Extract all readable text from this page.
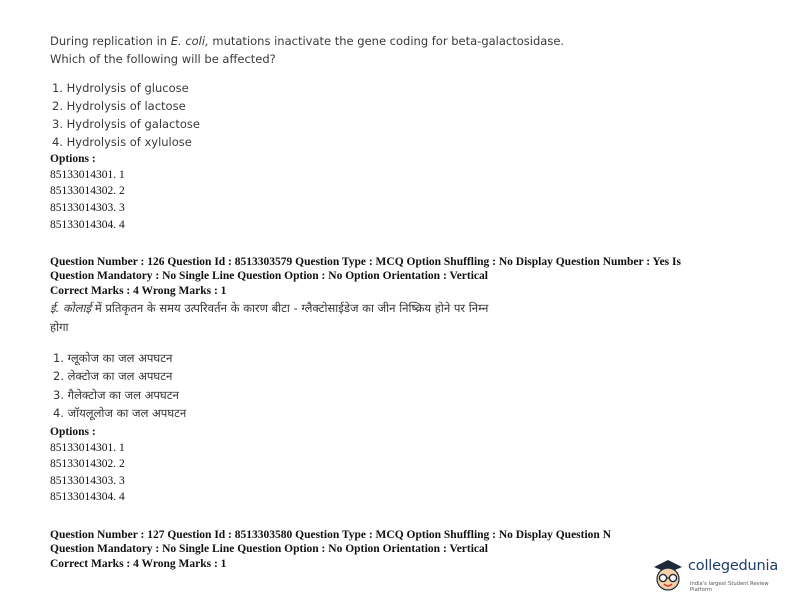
During replication in E. coli, mutations inactivate the gene coding for beta-galactosidase.
Which of the following will be affected?
1. Hydrolysis of glucose
2. Hydrolysis of lactose
3. Hydrolysis of galactose
4. Hydrolysis of xylulose
Options :
85133014301. 1
85133014302. 2
85133014303. 3
85133014304. 4
Question Number : 126 Question Id : 8513303579 Question Type : MCQ Option Shuffling : No Display Question Number : Yes Is
Question Mandatory : No Single Line Question Option : No Option Orientation : Vertical
Correct Marks : 4 Wrong Marks : 1
ई. कोलाई में प्रतिकृतन के समय उत्परिवर्तन के कारण बीटा - ग्लैक्टोसाईडेज का जीन निष्क्रिय होने पर निम्न
होगा
1. ग्लूकोज का जल अपघटन
2. लेक्टोज का जल अपघटन
3. गैलेक्टोज का जल अपघटन
4. जॉयलूलोज का जल अपघटन
Options :
85133014301. 1
85133014302. 2
85133014303. 3
85133014304. 4
Question Number : 127 Question Id : 8513303580 Question Type : MCQ Option Shuffling : No Display Question N
Question Mandatory : No Single Line Question Option : No Option Orientation : Vertical
Correct Marks : 4 Wrong Marks : 1	collegedunia
India's largest Student Review Platform
